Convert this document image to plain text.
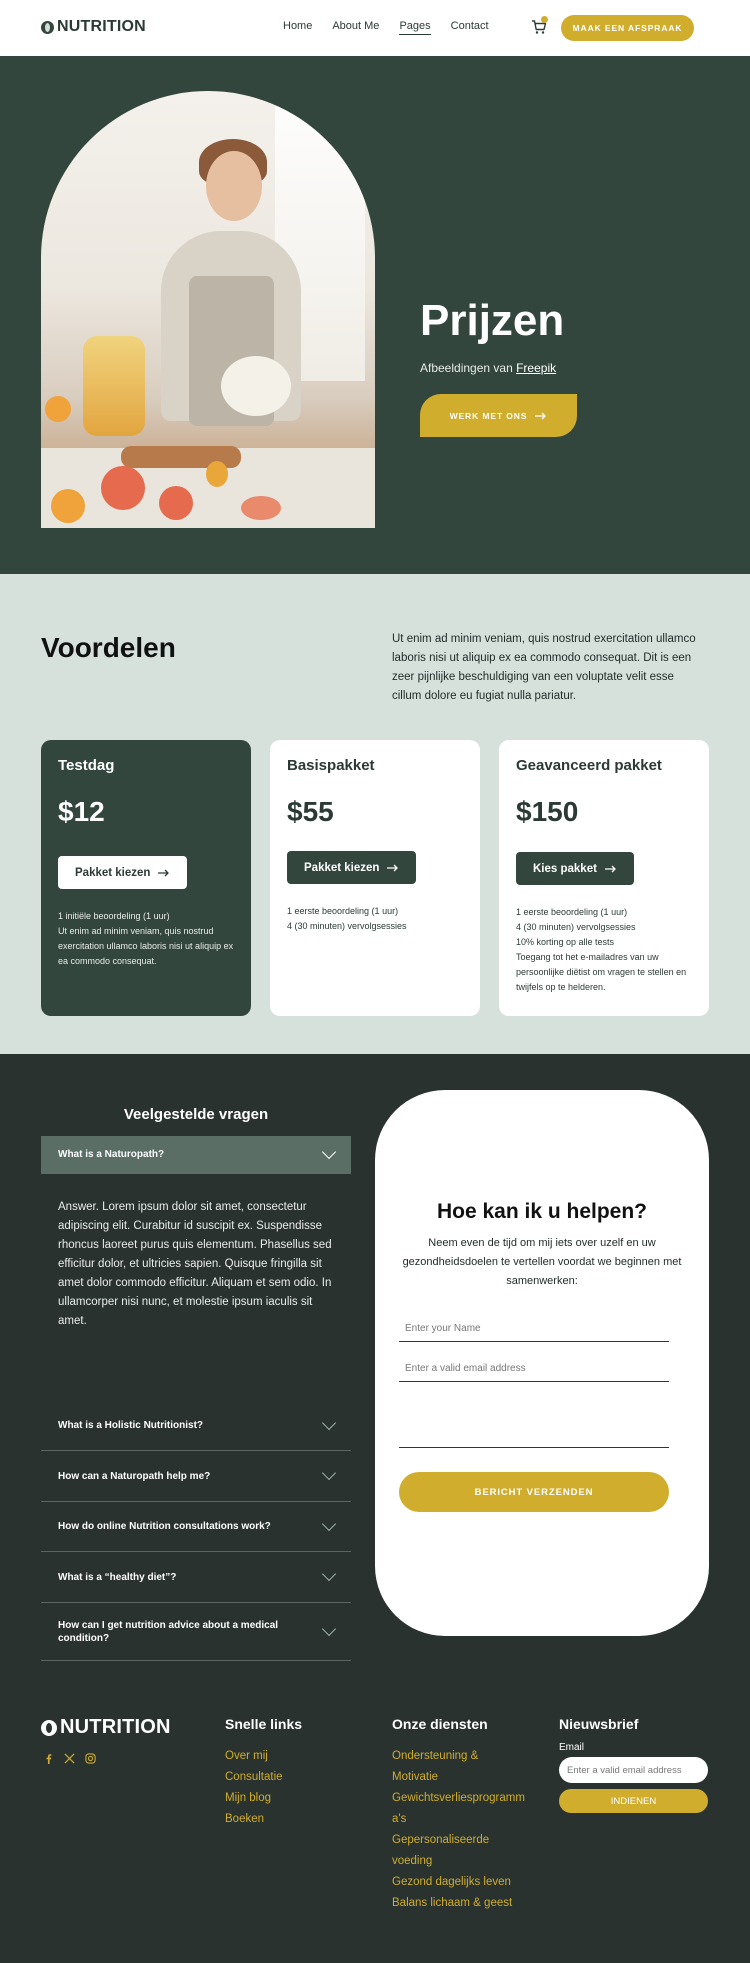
NUTRITION	Home About Me Pages Contact	MAAK EEN AFSPRAAK
Prijzen

Afbeeldingen van Freepik

WERK MET ONS
Voordelen	Ut enim ad minim veniam, quis nostrud exercitation ullamco laboris nisi ut aliquip ex ea commodo consequat. Dit is een zeer pijnlijke beschuldiging van een voluptate velit esse cillum dolore eu fugiat nulla pariatur.

Testdag
$12
Pakket kiezen
1 initiële beoordeling (1 uur)
Ut enim ad minim veniam, quis nostrud exercitation ullamco laboris nisi ut aliquip ex ea commodo consequat.
Basispakket
$55
Pakket kiezen
1 eerste beoordeling (1 uur)
4 (30 minuten) vervolgsessies
Geavanceerd pakket
$150
Kies pakket
1 eerste beoordeling (1 uur)
4 (30 minuten) vervolgsessies
10% korting op alle tests
Toegang tot het e-mailadres van uw persoonlijke diëtist om vragen te stellen en twijfels op te helderen.
Veelgestelde vragen
What is a Naturopath?

Answer. Lorem ipsum dolor sit amet, consectetur adipiscing elit. Curabitur id suscipit ex. Suspendisse rhoncus laoreet purus quis elementum. Phasellus sed efficitur dolor, et ultricies sapien. Quisque fringilla sit amet dolor commodo efficitur. Aliquam et sem odio. In ullamcorper nisi nunc, et molestie ipsum iaculis sit amet.

What is a Holistic Nutritionist?
How can a Naturopath help me?
How do online Nutrition consultations work?
What is a “healthy diet”?
How can I get nutrition advice about a medical condition?
Hoe kan ik u helpen?

Neem even de tijd om mij iets over uzelf en uw gezondheidsdoelen te vertellen voordat we beginnen met samenwerken:

Enter your Name
Enter a valid email address
BERICHT VERZENDEN
NUTRITION	Snelle links
Over mij
Consultatie
Mijn blog
Boeken
Onze diensten
Ondersteuning &
Motivatie
Gewichtsverliesprogramm
a's
Gepersonaliseerde
voeding
Gezond dagelijks leven
Balans lichaam & geest
Nieuwsbrief
Email
Enter a valid email address
INDIENEN
